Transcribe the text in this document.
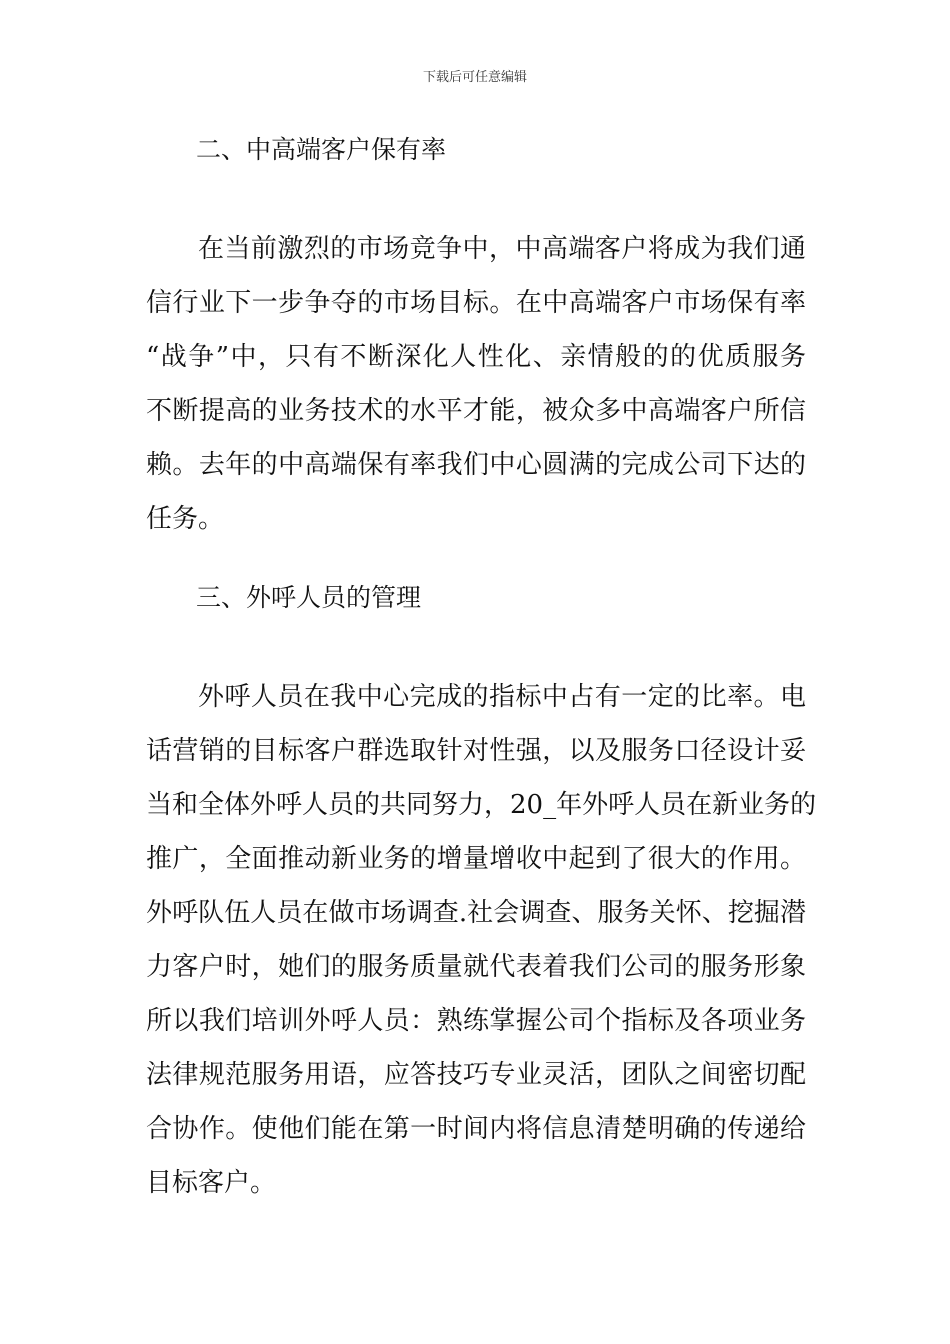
下载后可任意编辑
二、中高端客户保有率
在当前激烈的市场竞争中，中高端客户将成为我们通
信行业下一步争夺的市场目标。在中高端客户市场保有率
“战争”中，只有不断深化人性化、亲情般的的优质服务
不断提高的业务技术的水平才能，被众多中高端客户所信
赖。去年的中高端保有率我们中心圆满的完成公司下达的
任务。
三、外呼人员的管理
外呼人员在我中心完成的指标中占有一定的比率。电
话营销的目标客户群选取针对性强，以及服务口径设计妥
当和全体外呼人员的共同努力，20_年外呼人员在新业务的
推广，全面推动新业务的增量增收中起到了很大的作用。
外呼队伍人员在做市场调查.社会调查、服务关怀、挖掘潜
力客户时，她们的服务质量就代表着我们公司的服务形象
所以我们培训外呼人员：熟练掌握公司个指标及各项业务
法律规范服务用语，应答技巧专业灵活，团队之间密切配
合协作。使他们能在第一时间内将信息清楚明确的传递给
目标客户。
